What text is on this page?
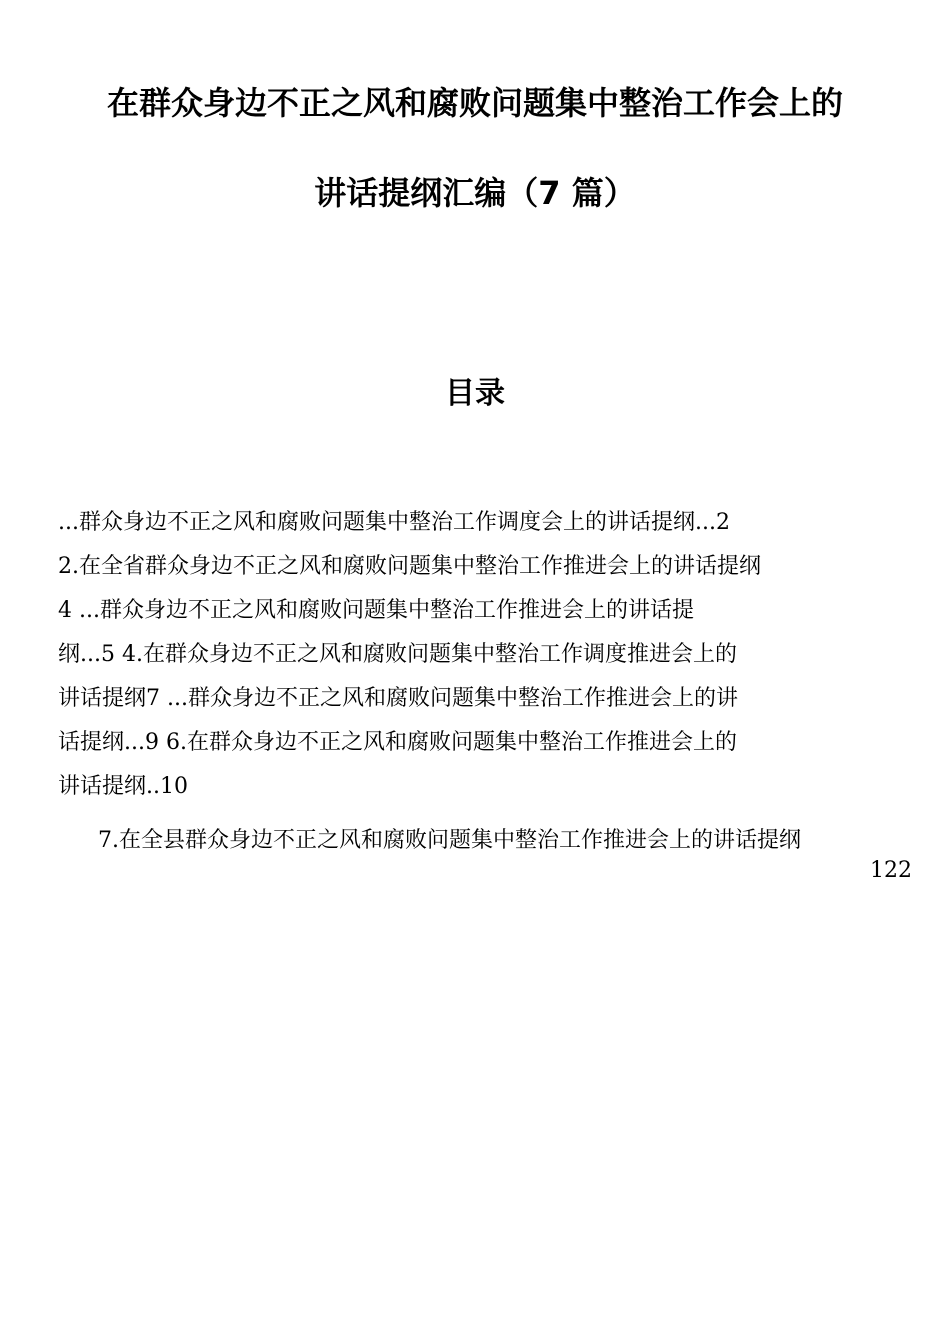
在群众身边不正之风和腐败问题集中整治工作会上的
讲话提纲汇编（7 篇）
目录
...群众身边不正之风和腐败问题集中整治工作调度会上的讲话提纲...2
2.在全省群众身边不正之风和腐败问题集中整治工作推进会上的讲话提纲
4 ...群众身边不正之风和腐败问题集中整治工作推进会上的讲话提
纲...5 4.在群众身边不正之风和腐败问题集中整治工作调度推进会上的
讲话提纲7 ...群众身边不正之风和腐败问题集中整治工作推进会上的讲
话提纲...9 6.在群众身边不正之风和腐败问题集中整治工作推进会上的
讲话提纲..10
7.在全县群众身边不正之风和腐败问题集中整治工作推进会上的讲话提纲
122
